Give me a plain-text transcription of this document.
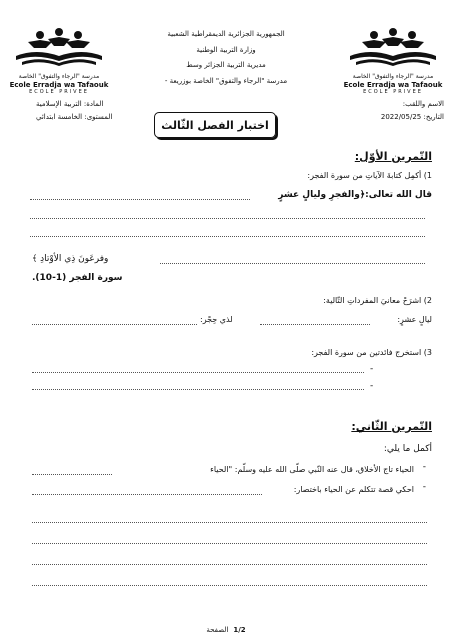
مدرسة "الرجاء والتفوق" الخاصة
Ecole Erradja wa Tafaouk
ECOLE PRIVEE
مدرسة "الرجاء والتفوق" الخاصة
Ecole Erradja wa Tafaouk
ECOLE PRIVEE
الجمهورية الجزائرية الديمقراطية الشعبية
وزارة التربية الوطنية
مديرية التربية الجزائر وسط
مدرسة "الرجاء والتفوق" الخاصة بوزريعة -
الاسم واللقب:
التاريخ: 2022/05/25
المادة: التربية الإسلامية
المستوى: الخامسة ابتدائي
اختبار الفصل الثّالث
التّمرين الأوّل:
1) أكمِل كتابةَ الآياتِ من سورة الفجر:
قال الله تعالى:﴿والفجرِ وليالٍ عشرٍ
وفرعَونَ ذِي الأوْتادِ ﴾
سورة الفجر (1-10).
2) اشرَحْ معانيَ المفرداتِ التّالية:
ليالٍ عشرٍ:
لذي حِجْر:
3) استخرج فائدتين من سورة الفجر:
-
-
التّمرين الثّاني:
أكمل ما يلي:
-
الحياء تاج الأخلاق، قال عنه النّبي صلّى الله عليه وسلّم: "الحياء
-
احكي قصة تتكلم عن الحياء باختصار:
الصفحة 1/2
